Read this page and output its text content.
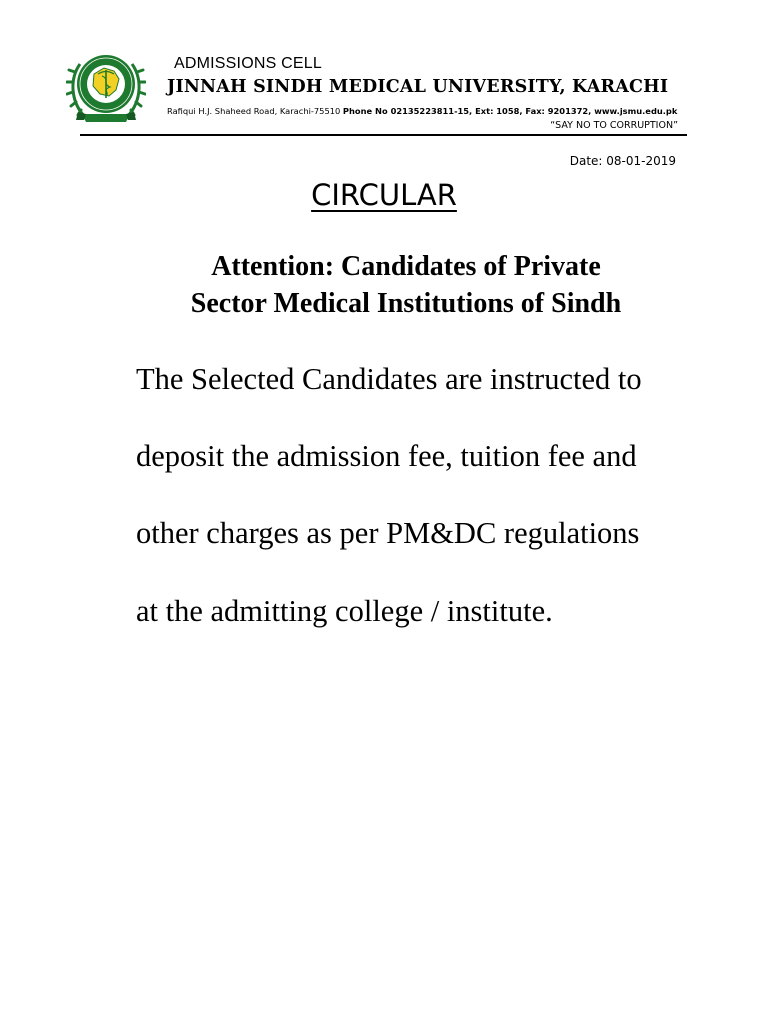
ADMISSIONS CELL
JINNAH SINDH MEDICAL UNIVERSITY, KARACHI
Rafiqui H.J. Shaheed Road, Karachi-75510 Phone No 02135223811-15, Ext: 1058, Fax: 9201372, www.jsmu.edu.pk
“SAY NO TO CORRUPTION”
Date: 08-01-2019
CIRCULAR
Attention: Candidates of Private
Sector Medical Institutions of Sindh
The Selected Candidates are instructed to
deposit the admission fee, tuition fee and
other charges as per PM&DC regulations
at the admitting college / institute.
